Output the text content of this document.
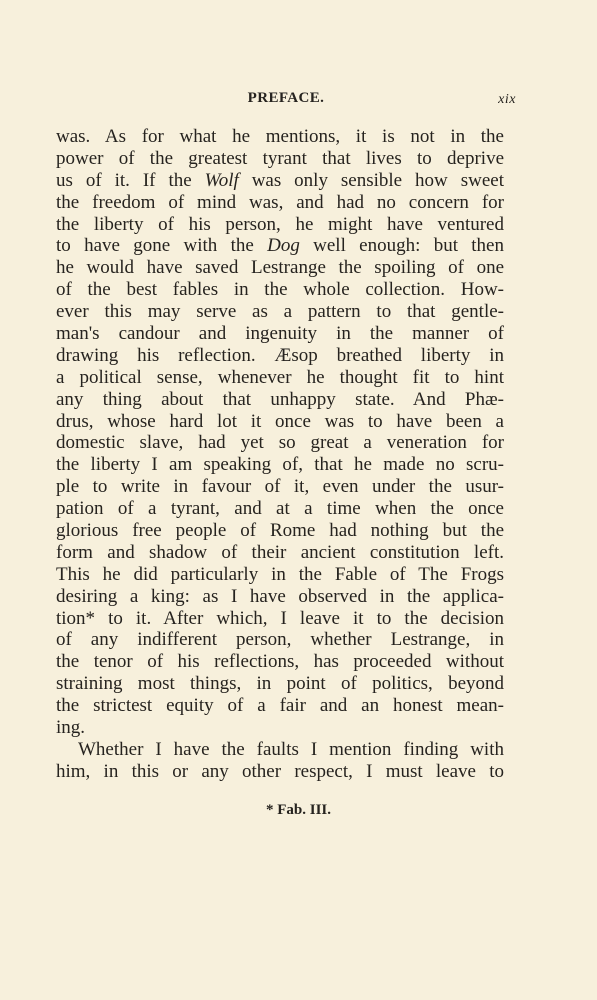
PREFACE.	xix
was. As for what he mentions, it is not in the
power of the greatest tyrant that lives to deprive
us of it. If the Wolf was only sensible how sweet
the freedom of mind was, and had no concern for
the liberty of his person, he might have ventured
to have gone with the Dog well enough: but then
he would have saved Lestrange the spoiling of one
of the best fables in the whole collection. How-
ever this may serve as a pattern to that gentle-
man's candour and ingenuity in the manner of
drawing his reflection. Æsop breathed liberty in
a political sense, whenever he thought fit to hint
any thing about that unhappy state. And Phæ-
drus, whose hard lot it once was to have been a
domestic slave, had yet so great a veneration for
the liberty I am speaking of, that he made no scru-
ple to write in favour of it, even under the usur-
pation of a tyrant, and at a time when the once
glorious free people of Rome had nothing but the
form and shadow of their ancient constitution left.
This he did particularly in the Fable of The Frogs
desiring a king: as I have observed in the applica-
tion* to it. After which, I leave it to the decision
of any indifferent person, whether Lestrange, in
the tenor of his reflections, has proceeded without
straining most things, in point of politics, beyond
the strictest equity of a fair and an honest mean-
ing.
Whether I have the faults I mention finding with
him, in this or any other respect, I must leave to
* Fab. III.
